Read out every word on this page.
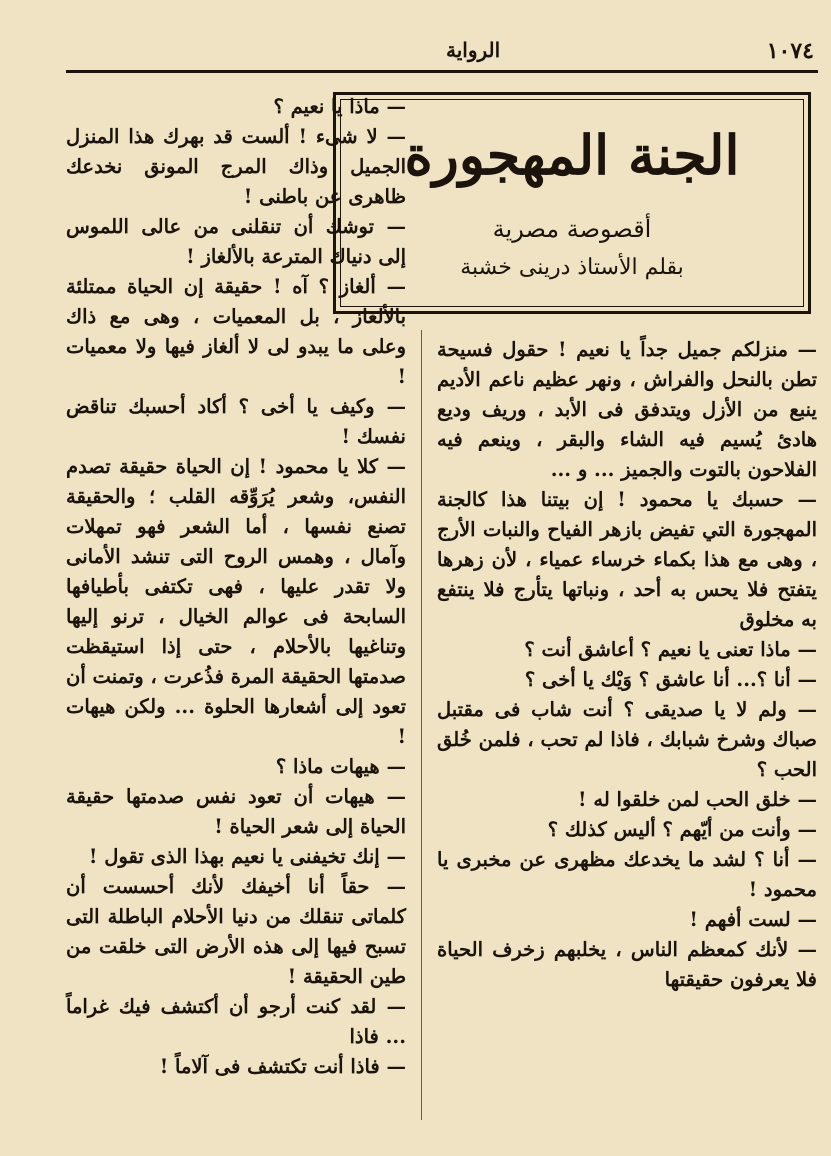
١٠٧٤
الرواية
الجنة المهجورة
أقصوصة مصرية
بقلم الأستاذ درينى خشبة

— منزلكم جميل جداً يا نعيم ! حقول فسيحة تطن بالنحل والفراش ، ونهر عظيم ناعم الأديم ينبع من الأزل ويتدفق فى الأبد ، وريف وديع هادئ يُسيم فيه الشاء والبقر ، وينعم فيه الفلاحون بالتوت والجميز ... و ...

— حسبك يا محمود ! إن بيتنا هذا كالجنة المهجورة التي تفيض بازهر الفياح والنبات الأرج ، وهى مع هذا بكماء خرساء عمياء ، لأن زهرها يتفتح فلا يحس به أحد ، ونباتها يتأرج فلا ينتفع به مخلوق

— ماذا تعنى يا نعيم ؟ أعاشق أنت ؟

— أنا ؟... أنا عاشق ؟ وَيْك يا أخى ؟

— ولم لا يا صديقى ؟ أنت شاب فى مقتبل صباك وشرخ شبابك ، فاذا لم تحب ، فلمن خُلق الحب ؟

— خلق الحب لمن خلقوا له !

— وأنت من أيّهم ؟ أليس كذلك ؟

— أنا ؟ لشد ما يخدعك مظهرى عن مخبرى يا محمود !

— لست أفهم !

— لأنك كمعظم الناس ، يخلبهم زخرف الحياة فلا يعرفون حقيقتها

— ماذا يا نعيم ؟

— لا شىء ! ألست قد بهرك هذا المنزل الجميل وذاك المرج المونق نخدعك ظاهرى عن باطنى !

— توشك أن تنقلنى من عالى اللموس إلى دنياك المترعة بالألغاز !

— ألغاز ؟ آه ! حقيقة إن الحياة ممتلئة بالألغاز ، بل المعميات ، وهى مع ذاك وعلى ما يبدو لى لا ألغاز فيها ولا معميات !

— وكيف يا أخى ؟ أكاد أحسبك تناقض نفسك !

— كلا يا محمود ! إن الحياة حقيقة تصدم النفس، وشعر يُرَوِّقه القلب ؛ والحقيقة تصنع نفسها ، أما الشعر فهو تمهلات وآمال ، وهمس الروح التى تنشد الأمانى ولا تقدر عليها ، فهى تكتفى بأطيافها السابحة فى عوالم الخيال ، ترنو إليها وتناغيها بالأحلام ، حتى إذا استيقظت صدمتها الحقيقة المرة فذُعرت ، وتمنت أن تعود إلى أشعارها الحلوة ... ولكن هيهات !

— هيهات ماذا ؟

— هيهات أن تعود نفس صدمتها حقيقة الحياة إلى شعر الحياة !

— إنك تخيفنى يا نعيم بهذا الذى تقول !

— حقاً أنا أخيفك لأنك أحسست أن كلماتى تنقلك من دنيا الأحلام الباطلة التى تسبح فيها إلى هذه الأرض التى خلقت من طين الحقيقة !

— لقد كنت أرجو أن أكتشف فيك غراماً ... فاذا

— فاذا أنت تكتشف فى آلاماً !
